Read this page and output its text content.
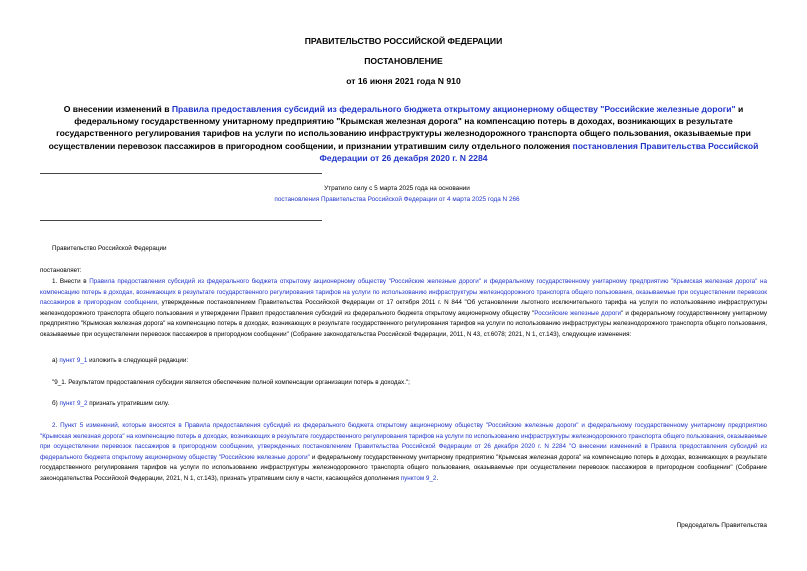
ПРАВИТЕЛЬСТВО РОССИЙСКОЙ ФЕДЕРАЦИИ
ПОСТАНОВЛЕНИЕ
от 16 июня 2021 года N 910
О внесении изменений в Правила предоставления субсидий из федерального бюджета открытому акционерному обществу "Российские железные дороги" и федеральному государственному унитарному предприятию "Крымская железная дорога" на компенсацию потерь в доходах, возникающих в результате государственного регулирования тарифов на услуги по использованию инфраструктуры железнодорожного транспорта общего пользования, оказываемые при осуществлении перевозок пассажиров в пригородном сообщении, и признании утратившим силу отдельного положения постановления Правительства Российской Федерации от 26 декабря 2020 г. N 2284
Утратило силу с 5 марта 2025 года на основании
постановления Правительства Российской Федерации от 4 марта 2025 года N 266
Правительство Российской Федерации
постановляет:
1. Внести в Правила предоставления субсидий из федерального бюджета открытому акционерному обществу "Российские железные дороги" и федеральному государственному унитарному предприятию "Крымская железная дорога" на компенсацию потерь в доходах, возникающих в результате государственного регулирования тарифов на услуги по использованию инфраструктуры железнодорожного транспорта общего пользования, оказываемые при осуществлении перевозок пассажиров в пригородном сообщении, утвержденные постановлением Правительства Российской Федерации от 17 октября 2011 г. N 844 "Об установлении льготного исключительного тарифа на услуги по использованию инфраструктуры железнодорожного транспорта общего пользования и утверждении Правил предоставления субсидий из федерального бюджета открытому акционерному обществу "Российские железные дороги" и федеральному государственному унитарному предприятию "Крымская железная дорога" на компенсацию потерь в доходах, возникающих в результате государственного регулирования тарифов на услуги по использованию инфраструктуры железнодорожного транспорта общего пользования, оказываемые при осуществлении перевозок пассажиров в пригородном сообщении" (Собрание законодательства Российской Федерации, 2011, N 43, ст.6078; 2021, N 1, ст.143), следующие изменения:
а) пункт 9_1 изложить в следующей редакции:
"9_1. Результатом предоставления субсидии является обеспечение полной компенсации организации потерь в доходах.";
б) пункт 9_2 признать утратившим силу.
2. Пункт 5 изменений, которые вносятся в Правила предоставления субсидий из федерального бюджета открытому акционерному обществу "Российские железные дороги" и федеральному государственному унитарному предприятию "Крымская железная дорога" на компенсацию потерь в доходах, возникающих в результате государственного регулирования тарифов на услуги по использованию инфраструктуры железнодорожного транспорта общего пользования, оказываемые при осуществлении перевозок пассажиров в пригородном сообщении, утвержденных постановлением Правительства Российской Федерации от 26 декабря 2020 г. N 2284 "О внесении изменений в Правила предоставления субсидий из федерального бюджета открытому акционерному обществу "Российские железные дороги" и федеральному государственному унитарному предприятию "Крымская железная дорога" на компенсацию потерь в доходах, возникающих в результате государственного регулирования тарифов на услуги по использованию инфраструктуры железнодорожного транспорта общего пользования, оказываемые при осуществлении перевозок пассажиров в пригородном сообщении" (Собрание законодательства Российской Федерации, 2021, N 1, ст.143), признать утратившим силу в части, касающейся дополнения пунктом 9_2.
Председатель Правительства
